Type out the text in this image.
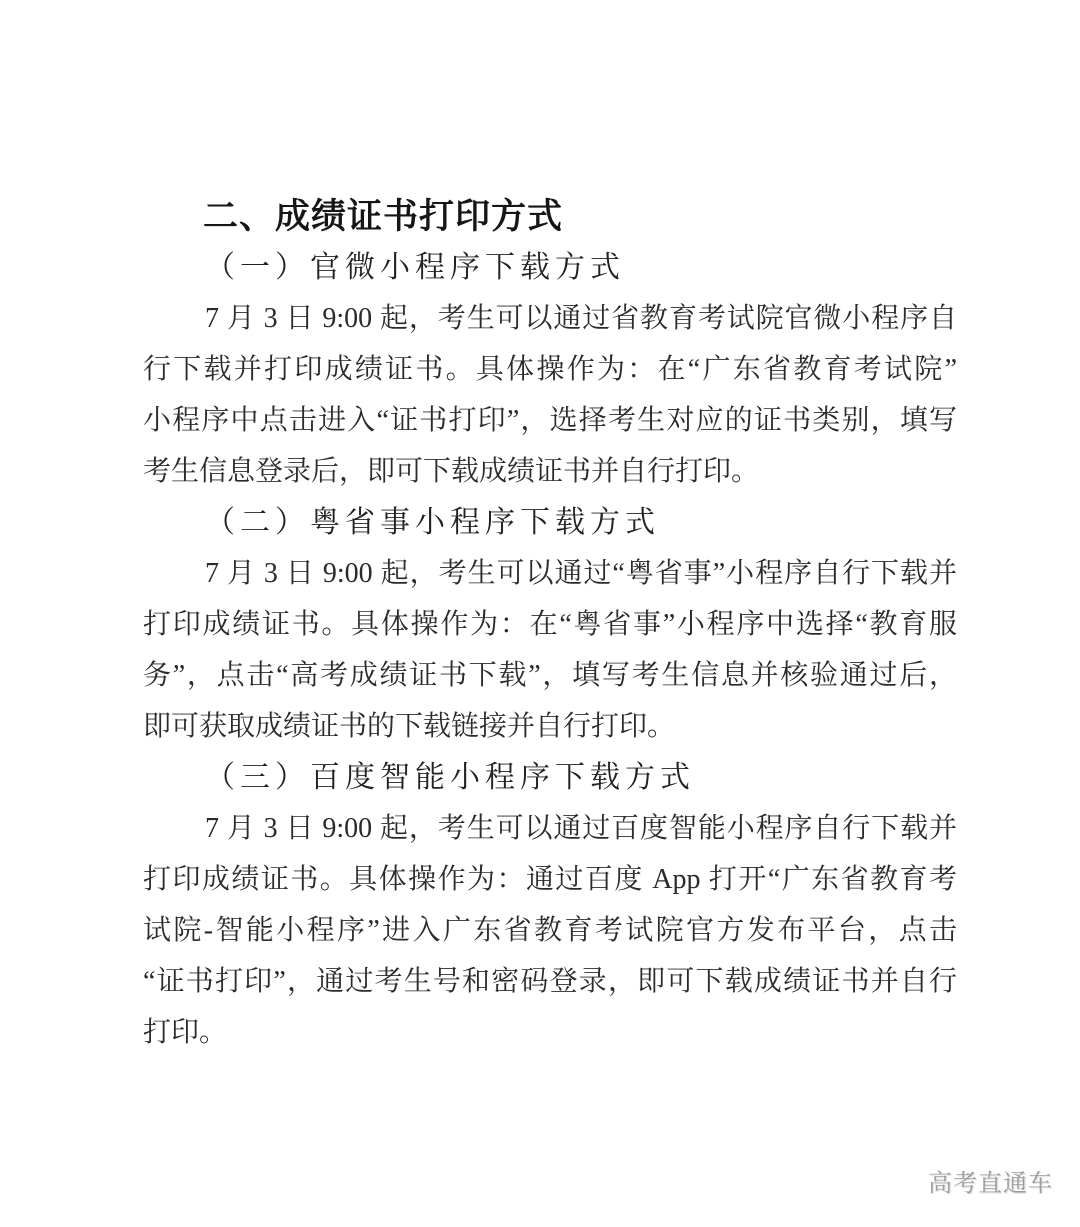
二、成绩证书打印方式
（一）官微小程序下载方式
7 月 3 日 9:00 起，考生可以通过省教育考试院官微小程序自
行下载并打印成绩证书。具体操作为：在“广东省教育考试院”
小程序中点击进入“证书打印”，选择考生对应的证书类别，填写
考生信息登录后，即可下载成绩证书并自行打印。
（二）粤省事小程序下载方式
7 月 3 日 9:00 起，考生可以通过“粤省事”小程序自行下载并
打印成绩证书。具体操作为：在“粤省事”小程序中选择“教育服
务”，点击“高考成绩证书下载”，填写考生信息并核验通过后，
即可获取成绩证书的下载链接并自行打印。
（三）百度智能小程序下载方式
7 月 3 日 9:00 起，考生可以通过百度智能小程序自行下载并
打印成绩证书。具体操作为：通过百度 App 打开“广东省教育考
试院-智能小程序”进入广东省教育考试院官方发布平台，点击
“证书打印”，通过考生号和密码登录，即可下载成绩证书并自行
打印。
高考直通车
